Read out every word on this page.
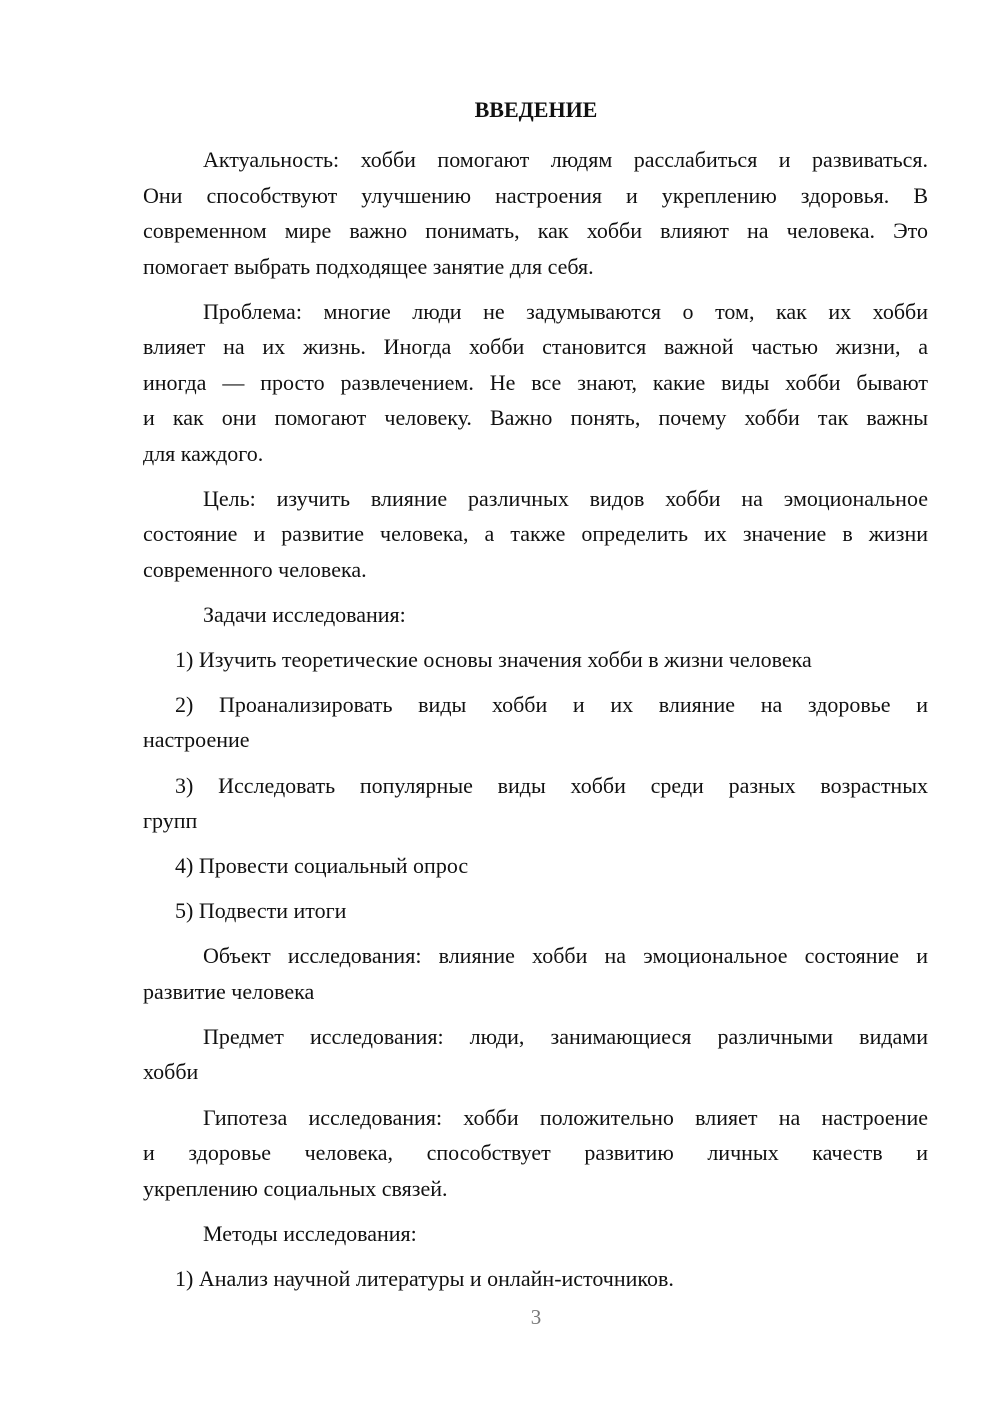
ВВЕДЕНИЕ
Актуальность: хобби помогают людям расслабиться и развиваться.
Они способствуют улучшению настроения и укреплению здоровья. В
современном мире важно понимать, как хобби влияют на человека. Это
помогает выбрать подходящее занятие для себя.
Проблема: многие люди не задумываются о том, как их хобби
влияет на их жизнь. Иногда хобби становится важной частью жизни, а
иногда — просто развлечением. Не все знают, какие виды хобби бывают
и как они помогают человеку. Важно понять, почему хобби так важны
для каждого.
Цель: изучить влияние различных видов хобби на эмоциональное
состояние и развитие человека, а также определить их значение в жизни
современного человека.
Задачи исследования:
1) Изучить теоретические основы значения хобби в жизни человека
2) Проанализировать виды хобби и их влияние на здоровье и
настроение
3) Исследовать популярные виды хобби среди разных возрастных
групп
4) Провести социальный опрос
5) Подвести итоги
Объект исследования: влияние хобби на эмоциональное состояние и
развитие человека
Предмет исследования: люди, занимающиеся различными видами
хобби
Гипотеза исследования: хобби положительно влияет на настроение
и здоровье человека, способствует развитию личных качеств и
укреплению социальных связей.
Методы исследования:
1) Анализ научной литературы и онлайн-источников.
3
